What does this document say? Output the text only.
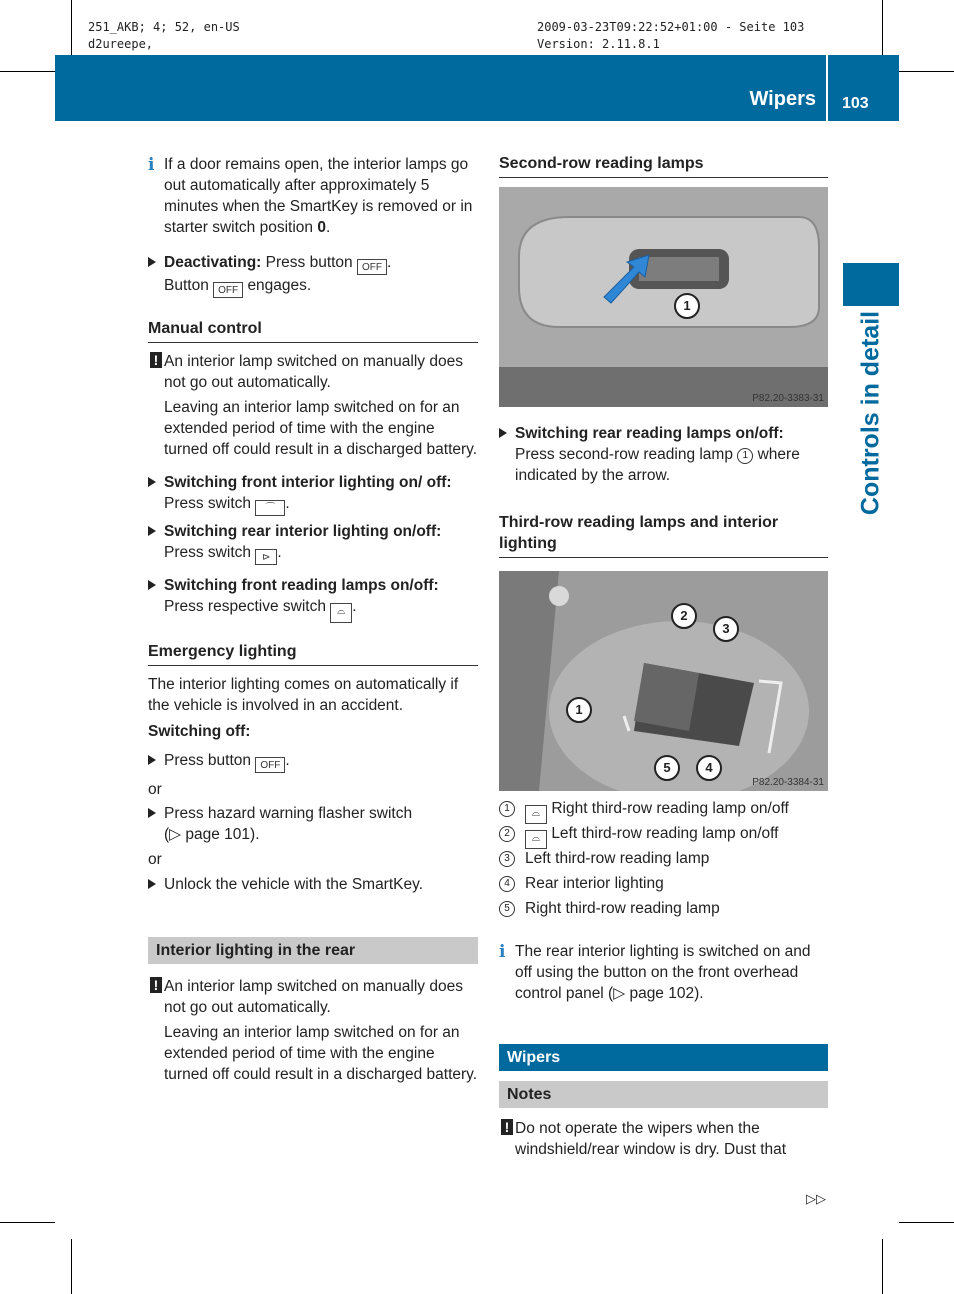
251_AKB; 4; 52, en-US
d2ureepe,
2009-03-23T09:22:52+01:00 - Seite 103
Version: 2.11.8.1
Wipers 103
Controls in detail
i If a door remains open, the interior lamps go out automatically after approximately 5 minutes when the SmartKey is removed or in starter switch position 0.
Deactivating: Press button OFF .
Button OFF engages.
Manual control
! An interior lamp switched on manually does not go out automatically.

Leaving an interior lamp switched on for an extended period of time with the engine turned off could result in a discharged battery.

Switching front interior lighting on/ off: Press switch ⌒ .
Switching rear interior lighting on/off: Press switch ⊳ .
Switching front reading lamps on/off: Press respective switch ⌓ .
Emergency lighting

The interior lighting comes on automatically if the vehicle is involved in an accident.

Switching off:

Press button OFF .

or

Press hazard warning flasher switch
(▷ page 101).

or

Unlock the vehicle with the SmartKey.
Interior lighting in the rear
! An interior lamp switched on manually does not go out automatically.

Leaving an interior lamp switched on for an extended period of time with the engine turned off could result in a discharged battery.

Second-row reading lamps
1
P82.20-3383-31
Switching rear reading lamps on/off:
Press second-row reading lamp 1 where indicated by the arrow.
Third-row reading lamps and interior lighting
2
3
1
5	4
P82.20-3384-31
1	⌓ Right third-row reading lamp on/off
2	⌓ Left third-row reading lamp on/off
3 Left third-row reading lamp
4 Rear interior lighting
5 Right third-row reading lamp
i The rear interior lighting is switched on and off using the button on the front overhead control panel (▷ page 102).
Wipers
Notes
! Do not operate the wipers when the windshield/rear window is dry. Dust that
▷▷
